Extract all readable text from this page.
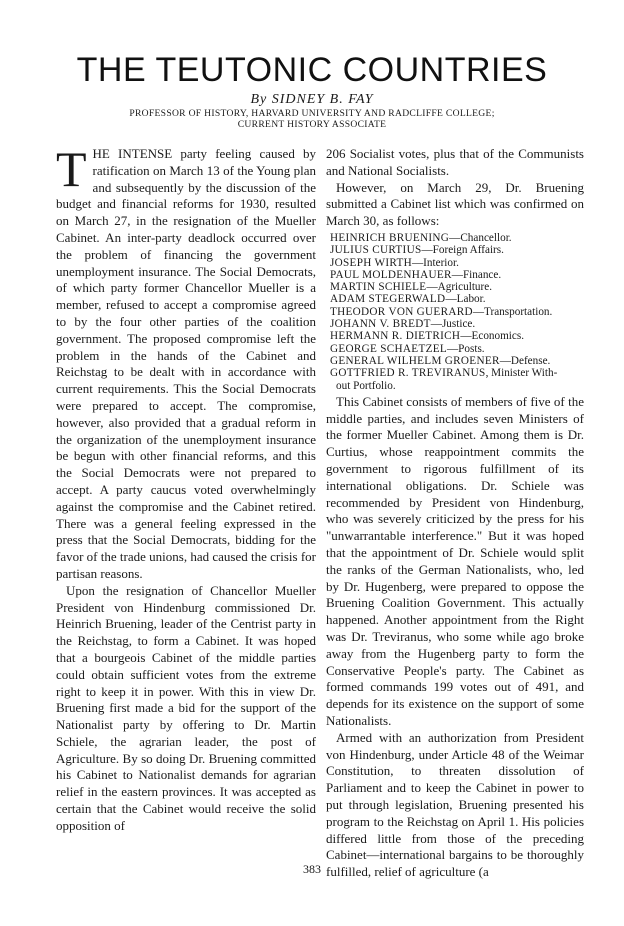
THE TEUTONIC COUNTRIES
By SIDNEY B. FAY
PROFESSOR OF HISTORY, HARVARD UNIVERSITY AND RADCLIFFE COLLEGE;
CURRENT HISTORY ASSOCIATE

THE INTENSE party feeling caused by ratification on March 13 of the Young plan and subsequently by the discussion of the budget and financial reforms for 1930, resulted on March 27, in the resignation of the Mueller Cabinet. An inter-party deadlock occurred over the problem of financing the government unemployment insurance. The Social Democrats, of which party former Chancellor Mueller is a member, refused to accept a compromise agreed to by the four other parties of the coalition government. The proposed compromise left the problem in the hands of the Cabinet and Reichstag to be dealt with in accordance with current requirements. This the Social Democrats were prepared to accept. The compromise, however, also provided that a gradual reform in the organization of the unemployment insurance be begun with other financial reforms, and this the Social Democrats were not prepared to accept. A party caucus voted overwhelmingly against the compromise and the Cabinet retired. There was a general feeling expressed in the press that the Social Democrats, bidding for the favor of the trade unions, had caused the crisis for partisan reasons.

Upon the resignation of Chancellor Mueller President von Hindenburg commissioned Dr. Heinrich Bruening, leader of the Centrist party in the Reichstag, to form a Cabinet. It was hoped that a bourgeois Cabinet of the middle parties could obtain sufficient votes from the extreme right to keep it in power. With this in view Dr. Bruening first made a bid for the support of the Nationalist party by offering to Dr. Martin Schiele, the agrarian leader, the post of Agriculture. By so doing Dr. Bruening committed his Cabinet to Nationalist demands for agrarian relief in the eastern provinces. It was accepted as certain that the Cabinet would receive the solid opposition of

206 Socialist votes, plus that of the Communists and National Socialists.

However, on March 29, Dr. Bruening submitted a Cabinet list which was confirmed on March 30, as follows:

HEINRICH BRUENING—Chancellor.
JULIUS CURTIUS—Foreign Affairs.
JOSEPH WIRTH—Interior.
PAUL MOLDENHAUER—Finance.
MARTIN SCHIELE—Agriculture.
ADAM STEGERWALD—Labor.
THEODOR VON GUERARD—Transportation.
JOHANN V. BREDT—Justice.
HERMANN R. DIETRICH—Economics.
GEORGE SCHAETZEL—Posts.
GENERAL WILHELM GROENER—Defense.
GOTTFRIED R. TREVIRANUS, Minister With-
out Portfolio.

This Cabinet consists of members of five of the middle parties, and includes seven Ministers of the former Mueller Cabinet. Among them is Dr. Curtius, whose reappointment commits the government to rigorous fulfillment of its international obligations. Dr. Schiele was recommended by President von Hindenburg, who was severely criticized by the press for his "unwarrantable interference." But it was hoped that the appointment of Dr. Schiele would split the ranks of the German Nationalists, who, led by Dr. Hugenberg, were prepared to oppose the Bruening Coalition Government. This actually happened. Another appointment from the Right was Dr. Treviranus, who some while ago broke away from the Hugenberg party to form the Conservative People's party. The Cabinet as formed commands 199 votes out of 491, and depends for its existence on the support of some Nationalists.

Armed with an authorization from President von Hindenburg, under Article 48 of the Weimar Constitution, to threaten dissolution of Parliament and to keep the Cabinet in power to put through legislation, Bruening presented his program to the Reichstag on April 1. His policies differed little from those of the preceding Cabinet—international bargains to be thoroughly fulfilled, relief of agriculture (a

383
